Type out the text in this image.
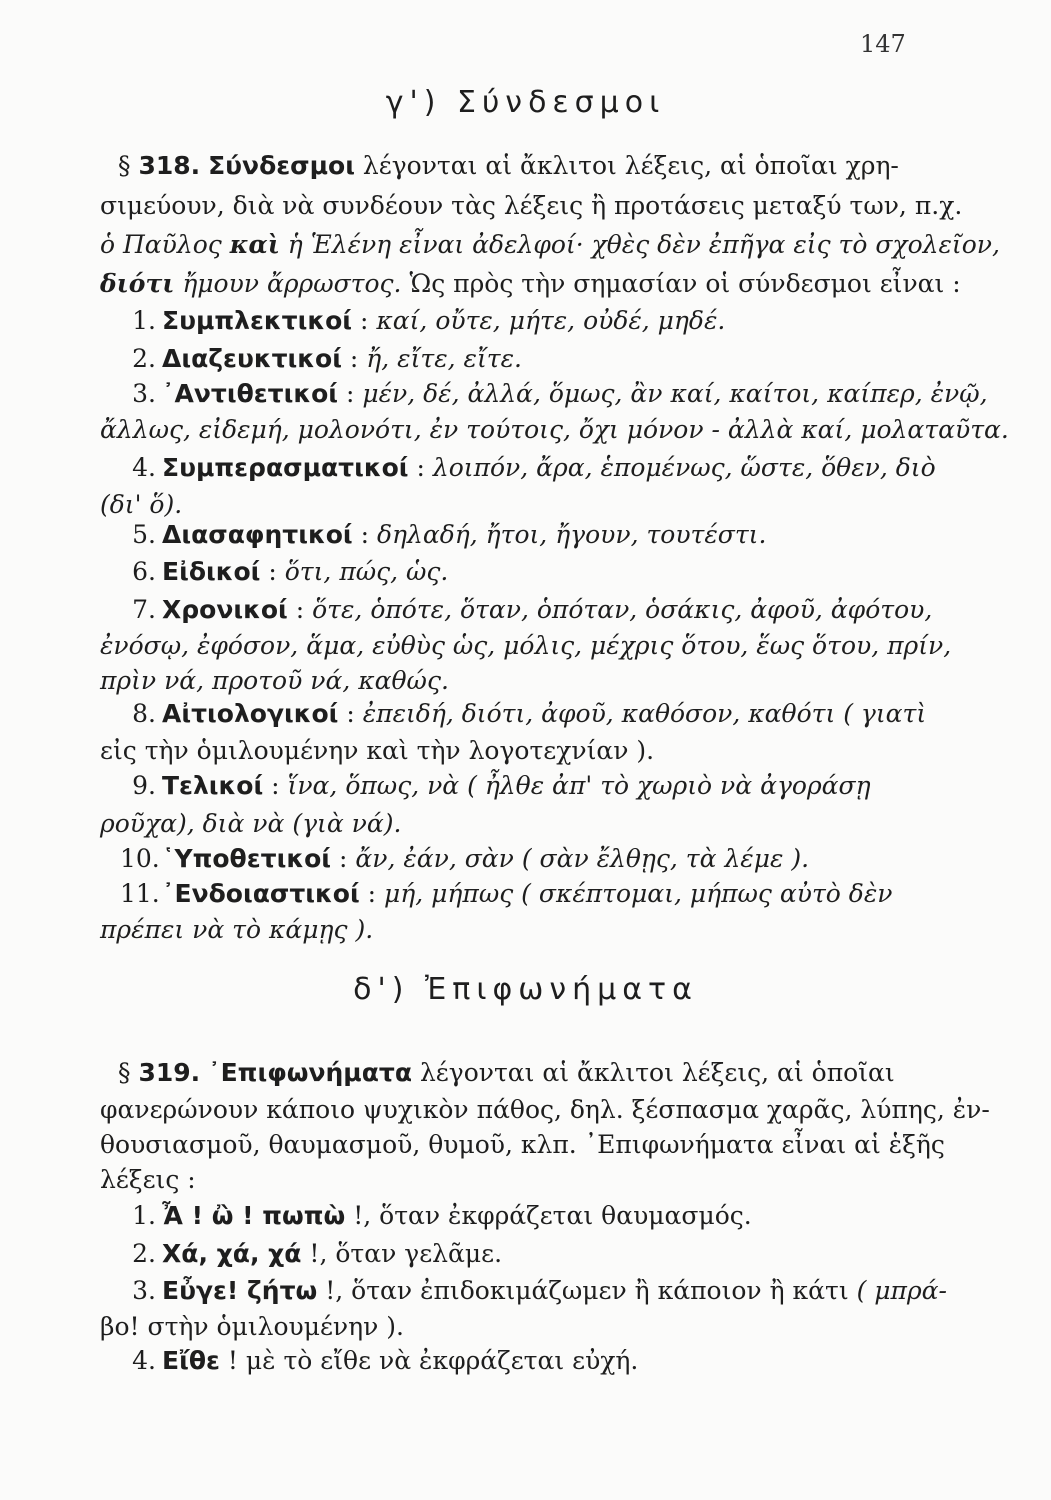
147
γ') Σύνδεσμοι
§ 318. Σύνδεσμοι λέγονται αἱ ἄκλιτοι λέξεις, αἱ ὁποῖαι χρη-
σιμεύουν, διὰ νὰ συνδέουν τὰς λέξεις ἢ προτάσεις μεταξύ των, π.χ.
ὁ Παῦλος καὶ ἡ Ἑλένη εἶναι ἀδελφοί· χθὲς δὲν ἐπῆγα εἰς τὸ σχολεῖον,
διότι ἤμουν ἄρρωστος. Ὡς πρὸς τὴν σημασίαν οἱ σύνδεσμοι εἶναι :
1. Συμπλεκτικοί : καί, οὔτε, μήτε, οὐδέ, μηδέ.
2. Διαζευκτικοί : ἤ, εἴτε, εἴτε.
3. ᾿Αντιθετικοί : μέν, δέ, ἀλλά, ὅμως, ἂν καί, καίτοι, καίπερ, ἐνῷ,
ἄλλως, εἰδεμή, μολονότι, ἐν τούτοις, ὄχι μόνον - ἀλλὰ καί, μολαταῦτα.
4. Συμπερασματικοί : λοιπόν, ἄρα, ἑπομένως, ὥστε, ὅθεν, διὸ
(δι' ὅ).
5. Διασαφητικοί : δηλαδή, ἤτοι, ἤγουν, τουτέστι.
6. Εἰδικοί : ὅτι, πώς, ὡς.
7. Χρονικοί : ὅτε, ὁπότε, ὅταν, ὁπόταν, ὁσάκις, ἀφοῦ, ἀφότου,
ἐνόσῳ, ἐφόσον, ἅμα, εὐθὺς ὡς, μόλις, μέχρις ὅτου, ἕως ὅτου, πρίν,
πρὶν νά, προτοῦ νά, καθώς.
8. Αἰτιολογικοί : ἐπειδή, διότι, ἀφοῦ, καθόσον, καθότι ( γιατὶ
εἰς τὴν ὁμιλουμένην καὶ τὴν λογοτεχνίαν ).
9. Τελικοί : ἵνα, ὅπως, νὰ ( ἦλθε ἀπ' τὸ χωριὸ νὰ ἀγοράσῃ
ροῦχα), διὰ νὰ (γιὰ νά).
10.῾Υποθετικοί : ἄν, ἐάν, σὰν ( σὰν ἔλθῃς, τὰ λέμε ).
11.᾿Ενδοιαστικοί : μή, μήπως ( σκέπτομαι, μήπως αὐτὸ δὲν
πρέπει νὰ τὸ κάμῃς ).
δ') Ἐπιφωνήματα
§ 319. ᾿Επιφωνήματα λέγονται αἱ ἄκλιτοι λέξεις, αἱ ὁποῖαι
φανερώνουν κάποιο ψυχικὸν πάθος, δηλ. ξέσπασμα χαρᾶς, λύπης, ἐν-
θουσιασμοῦ, θαυμασμοῦ, θυμοῦ, κλπ. ᾿Επιφωνήματα εἶναι αἱ ἑξῆς
λέξεις :
1. Ἆ ! ὢ ! πωπὼ !, ὅταν ἐκφράζεται θαυμασμός.
2. Χά, χά, χά !, ὅταν γελᾶμε.
3. Εὖγε! ζήτω !, ὅταν ἐπιδοκιμάζωμεν ἢ κάποιον ἢ κάτι ( μπρά-
βο! στὴν ὁμιλουμένην ).
4. Εἴθε ! μὲ τὸ εἴθε νὰ ἐκφράζεται εὐχή.
